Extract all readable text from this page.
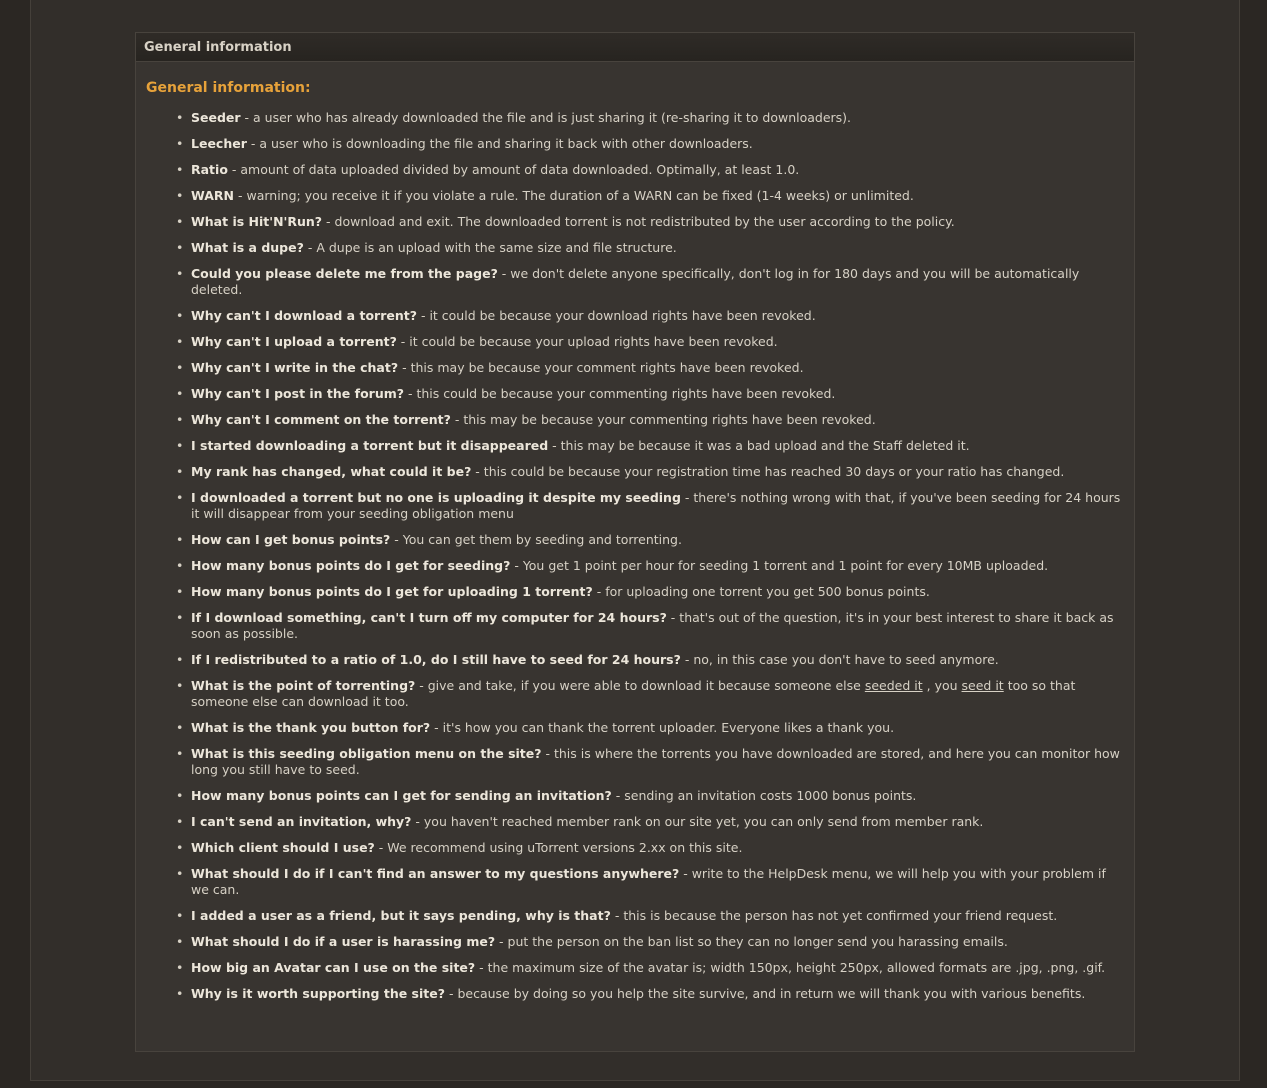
General information
General information:
• Seeder - a user who has already downloaded the file and is just sharing it (re-sharing it to downloaders).
• Leecher - a user who is downloading the file and sharing it back with other downloaders.
• Ratio - amount of data uploaded divided by amount of data downloaded. Optimally, at least 1.0.
• WARN - warning; you receive it if you violate a rule. The duration of a WARN can be fixed (1-4 weeks) or unlimited.
• What is Hit'N'Run? - download and exit. The downloaded torrent is not redistributed by the user according to the policy.
• What is a dupe? - A dupe is an upload with the same size and file structure.
• Could you please delete me from the page? - we don't delete anyone specifically, don't log in for 180 days and you will be automatically deleted.
• Why can't I download a torrent? - it could be because your download rights have been revoked.
• Why can't I upload a torrent? - it could be because your upload rights have been revoked.
• Why can't I write in the chat? - this may be because your comment rights have been revoked.
• Why can't I post in the forum? - this could be because your commenting rights have been revoked.
• Why can't I comment on the torrent? - this may be because your commenting rights have been revoked.
• I started downloading a torrent but it disappeared - this may be because it was a bad upload and the Staff deleted it.
• My rank has changed, what could it be? - this could be because your registration time has reached 30 days or your ratio has changed.
• I downloaded a torrent but no one is uploading it despite my seeding - there's nothing wrong with that, if you've been seeding for 24 hours it will disappear from your seeding obligation menu
• How can I get bonus points? - You can get them by seeding and torrenting.
• How many bonus points do I get for seeding? - You get 1 point per hour for seeding 1 torrent and 1 point for every 10MB uploaded.
• How many bonus points do I get for uploading 1 torrent? - for uploading one torrent you get 500 bonus points.
• If I download something, can't I turn off my computer for 24 hours? - that's out of the question, it's in your best interest to share it back as soon as possible.
• If I redistributed to a ratio of 1.0, do I still have to seed for 24 hours? - no, in this case you don't have to seed anymore.
• What is the point of torrenting? - give and take, if you were able to download it because someone else seeded it , you seed it too so that someone else can download it too.
• What is the thank you button for? - it's how you can thank the torrent uploader. Everyone likes a thank you.
• What is this seeding obligation menu on the site? - this is where the torrents you have downloaded are stored, and here you can monitor how long you still have to seed.
• How many bonus points can I get for sending an invitation? - sending an invitation costs 1000 bonus points.
• I can't send an invitation, why? - you haven't reached member rank on our site yet, you can only send from member rank.
• Which client should I use? - We recommend using uTorrent versions 2.xx on this site.
• What should I do if I can't find an answer to my questions anywhere? - write to the HelpDesk menu, we will help you with your problem if we can.
• I added a user as a friend, but it says pending, why is that? - this is because the person has not yet confirmed your friend request.
• What should I do if a user is harassing me? - put the person on the ban list so they can no longer send you harassing emails.
• How big an Avatar can I use on the site? - the maximum size of the avatar is; width 150px, height 250px, allowed formats are .jpg, .png, .gif.
• Why is it worth supporting the site? - because by doing so you help the site survive, and in return we will thank you with various benefits.
